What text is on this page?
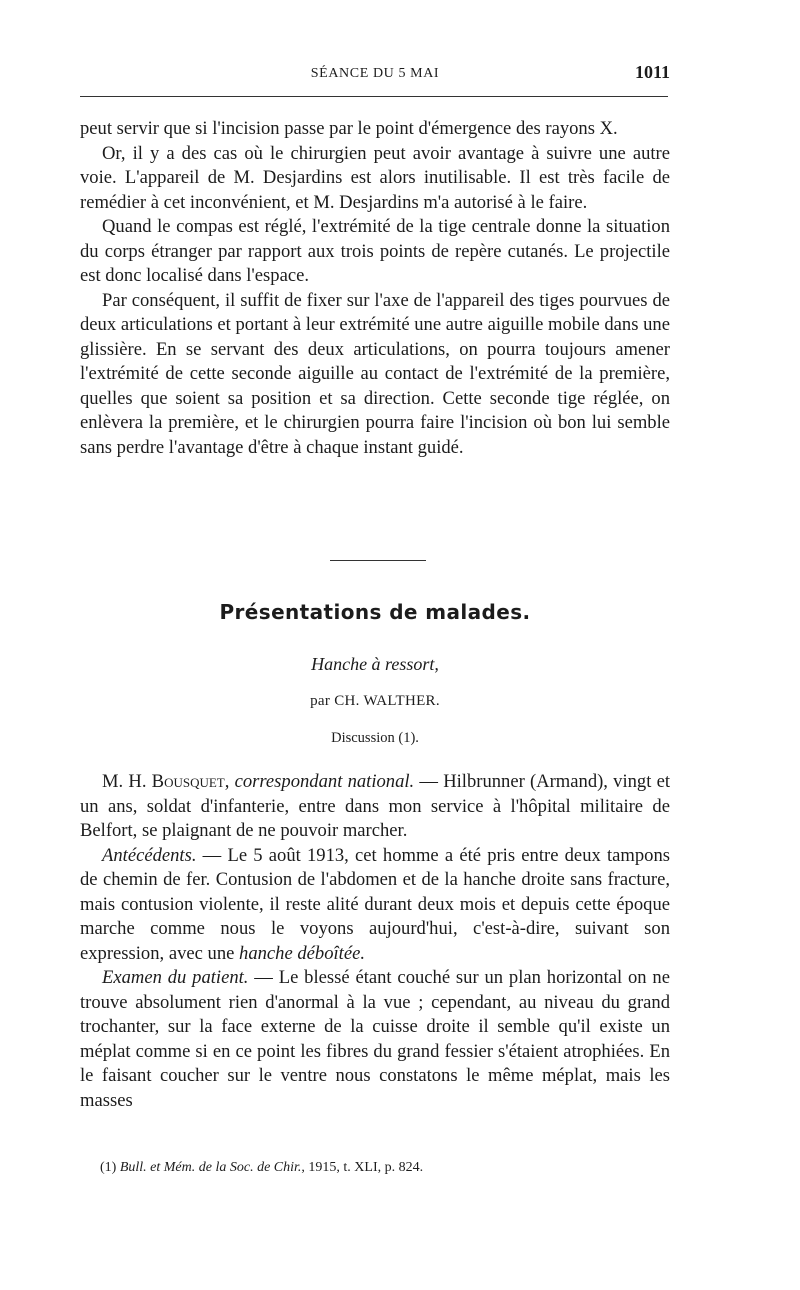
SÉANCE DU 5 MAI	1011

peut servir que si l'incision passe par le point d'émergence des rayons X.

Or, il y a des cas où le chirurgien peut avoir avantage à suivre une autre voie. L'appareil de M. Desjardins est alors inutilisable. Il est très facile de remédier à cet inconvénient, et M. Desjardins m'a autorisé à le faire.

Quand le compas est réglé, l'extrémité de la tige centrale donne la situation du corps étranger par rapport aux trois points de repère cutanés. Le projectile est donc localisé dans l'espace.

Par conséquent, il suffit de fixer sur l'axe de l'appareil des tiges pourvues de deux articulations et portant à leur extrémité une autre aiguille mobile dans une glissière. En se servant des deux articulations, on pourra toujours amener l'extrémité de cette seconde aiguille au contact de l'extrémité de la première, quelles que soient sa position et sa direction. Cette seconde tige réglée, on enlèvera la première, et le chirurgien pourra faire l'incision où bon lui semble sans perdre l'avantage d'être à chaque instant guidé.

Présentations de malades.
Hanche à ressort,
par CH. WALTHER.
Discussion (1).

M. H. Bousquet, correspondant national. — Hilbrunner (Armand), vingt et un ans, soldat d'infanterie, entre dans mon service à l'hôpital militaire de Belfort, se plaignant de ne pouvoir marcher.

Antécédents. — Le 5 août 1913, cet homme a été pris entre deux tampons de chemin de fer. Contusion de l'abdomen et de la hanche droite sans fracture, mais contusion violente, il reste alité durant deux mois et depuis cette époque marche comme nous le voyons aujourd'hui, c'est-à-dire, suivant son expression, avec une hanche déboîtée.

Examen du patient. — Le blessé étant couché sur un plan horizontal on ne trouve absolument rien d'anormal à la vue ; cependant, au niveau du grand trochanter, sur la face externe de la cuisse droite il semble qu'il existe un méplat comme si en ce point les fibres du grand fessier s'étaient atrophiées. En le faisant coucher sur le ventre nous constatons le même méplat, mais les masses

(1) Bull. et Mém. de la Soc. de Chir., 1915, t. XLI, p. 824.
